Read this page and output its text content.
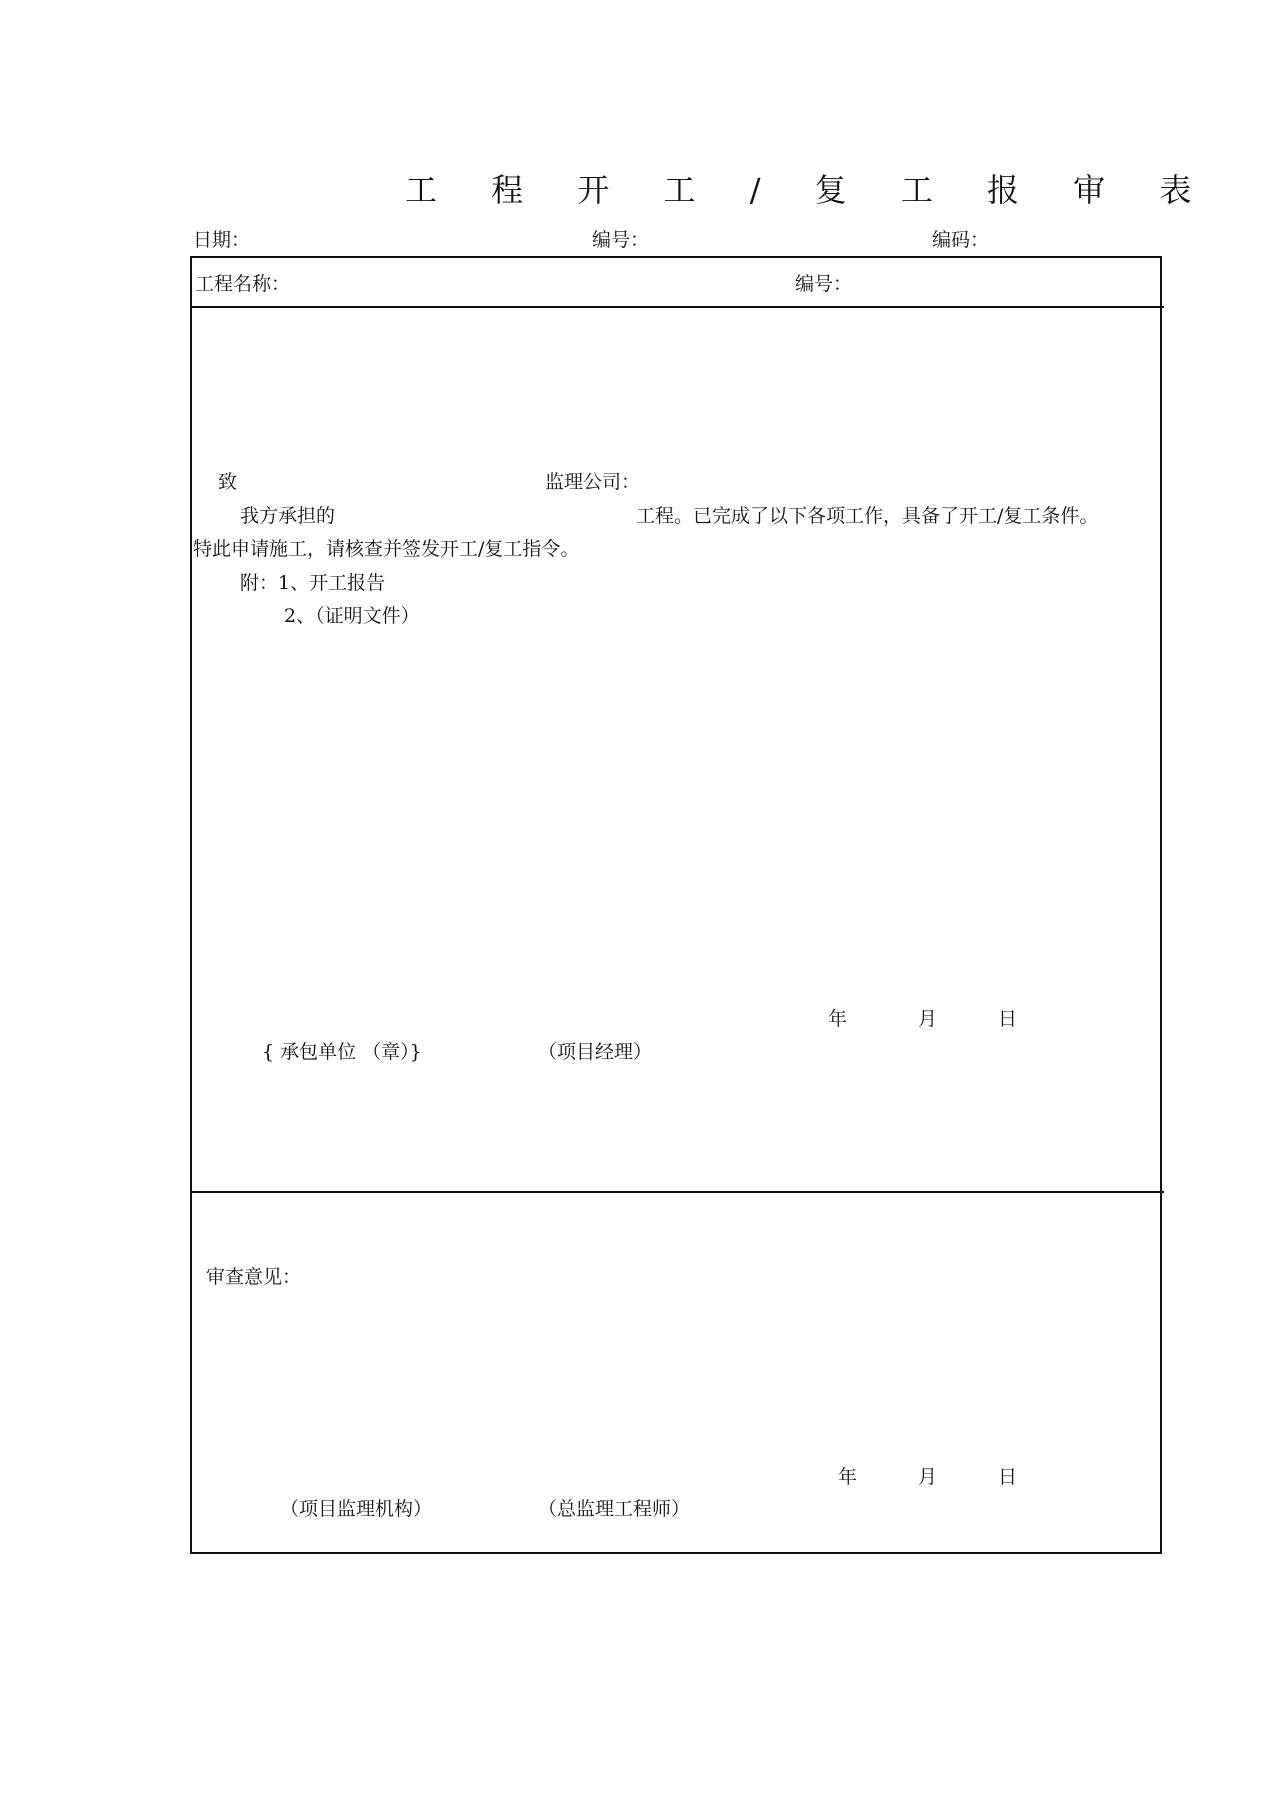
工 程 开 工 / 复 工 报 审 表
日期：	编号：	编码：
工程名称：	编号：
致	监理公司：
我方承担的	工程。已完成了以下各项工作，具备了开工/复工条件。
特此申请施工，请核查并签发开工/复工指令。
附：1、开工报告
2、（证明文件）
年	月	日
{ 承包单位 （章）}	（项目经理）
审查意见：
年	月	日
（项目监理机构）	（总监理工程师）
